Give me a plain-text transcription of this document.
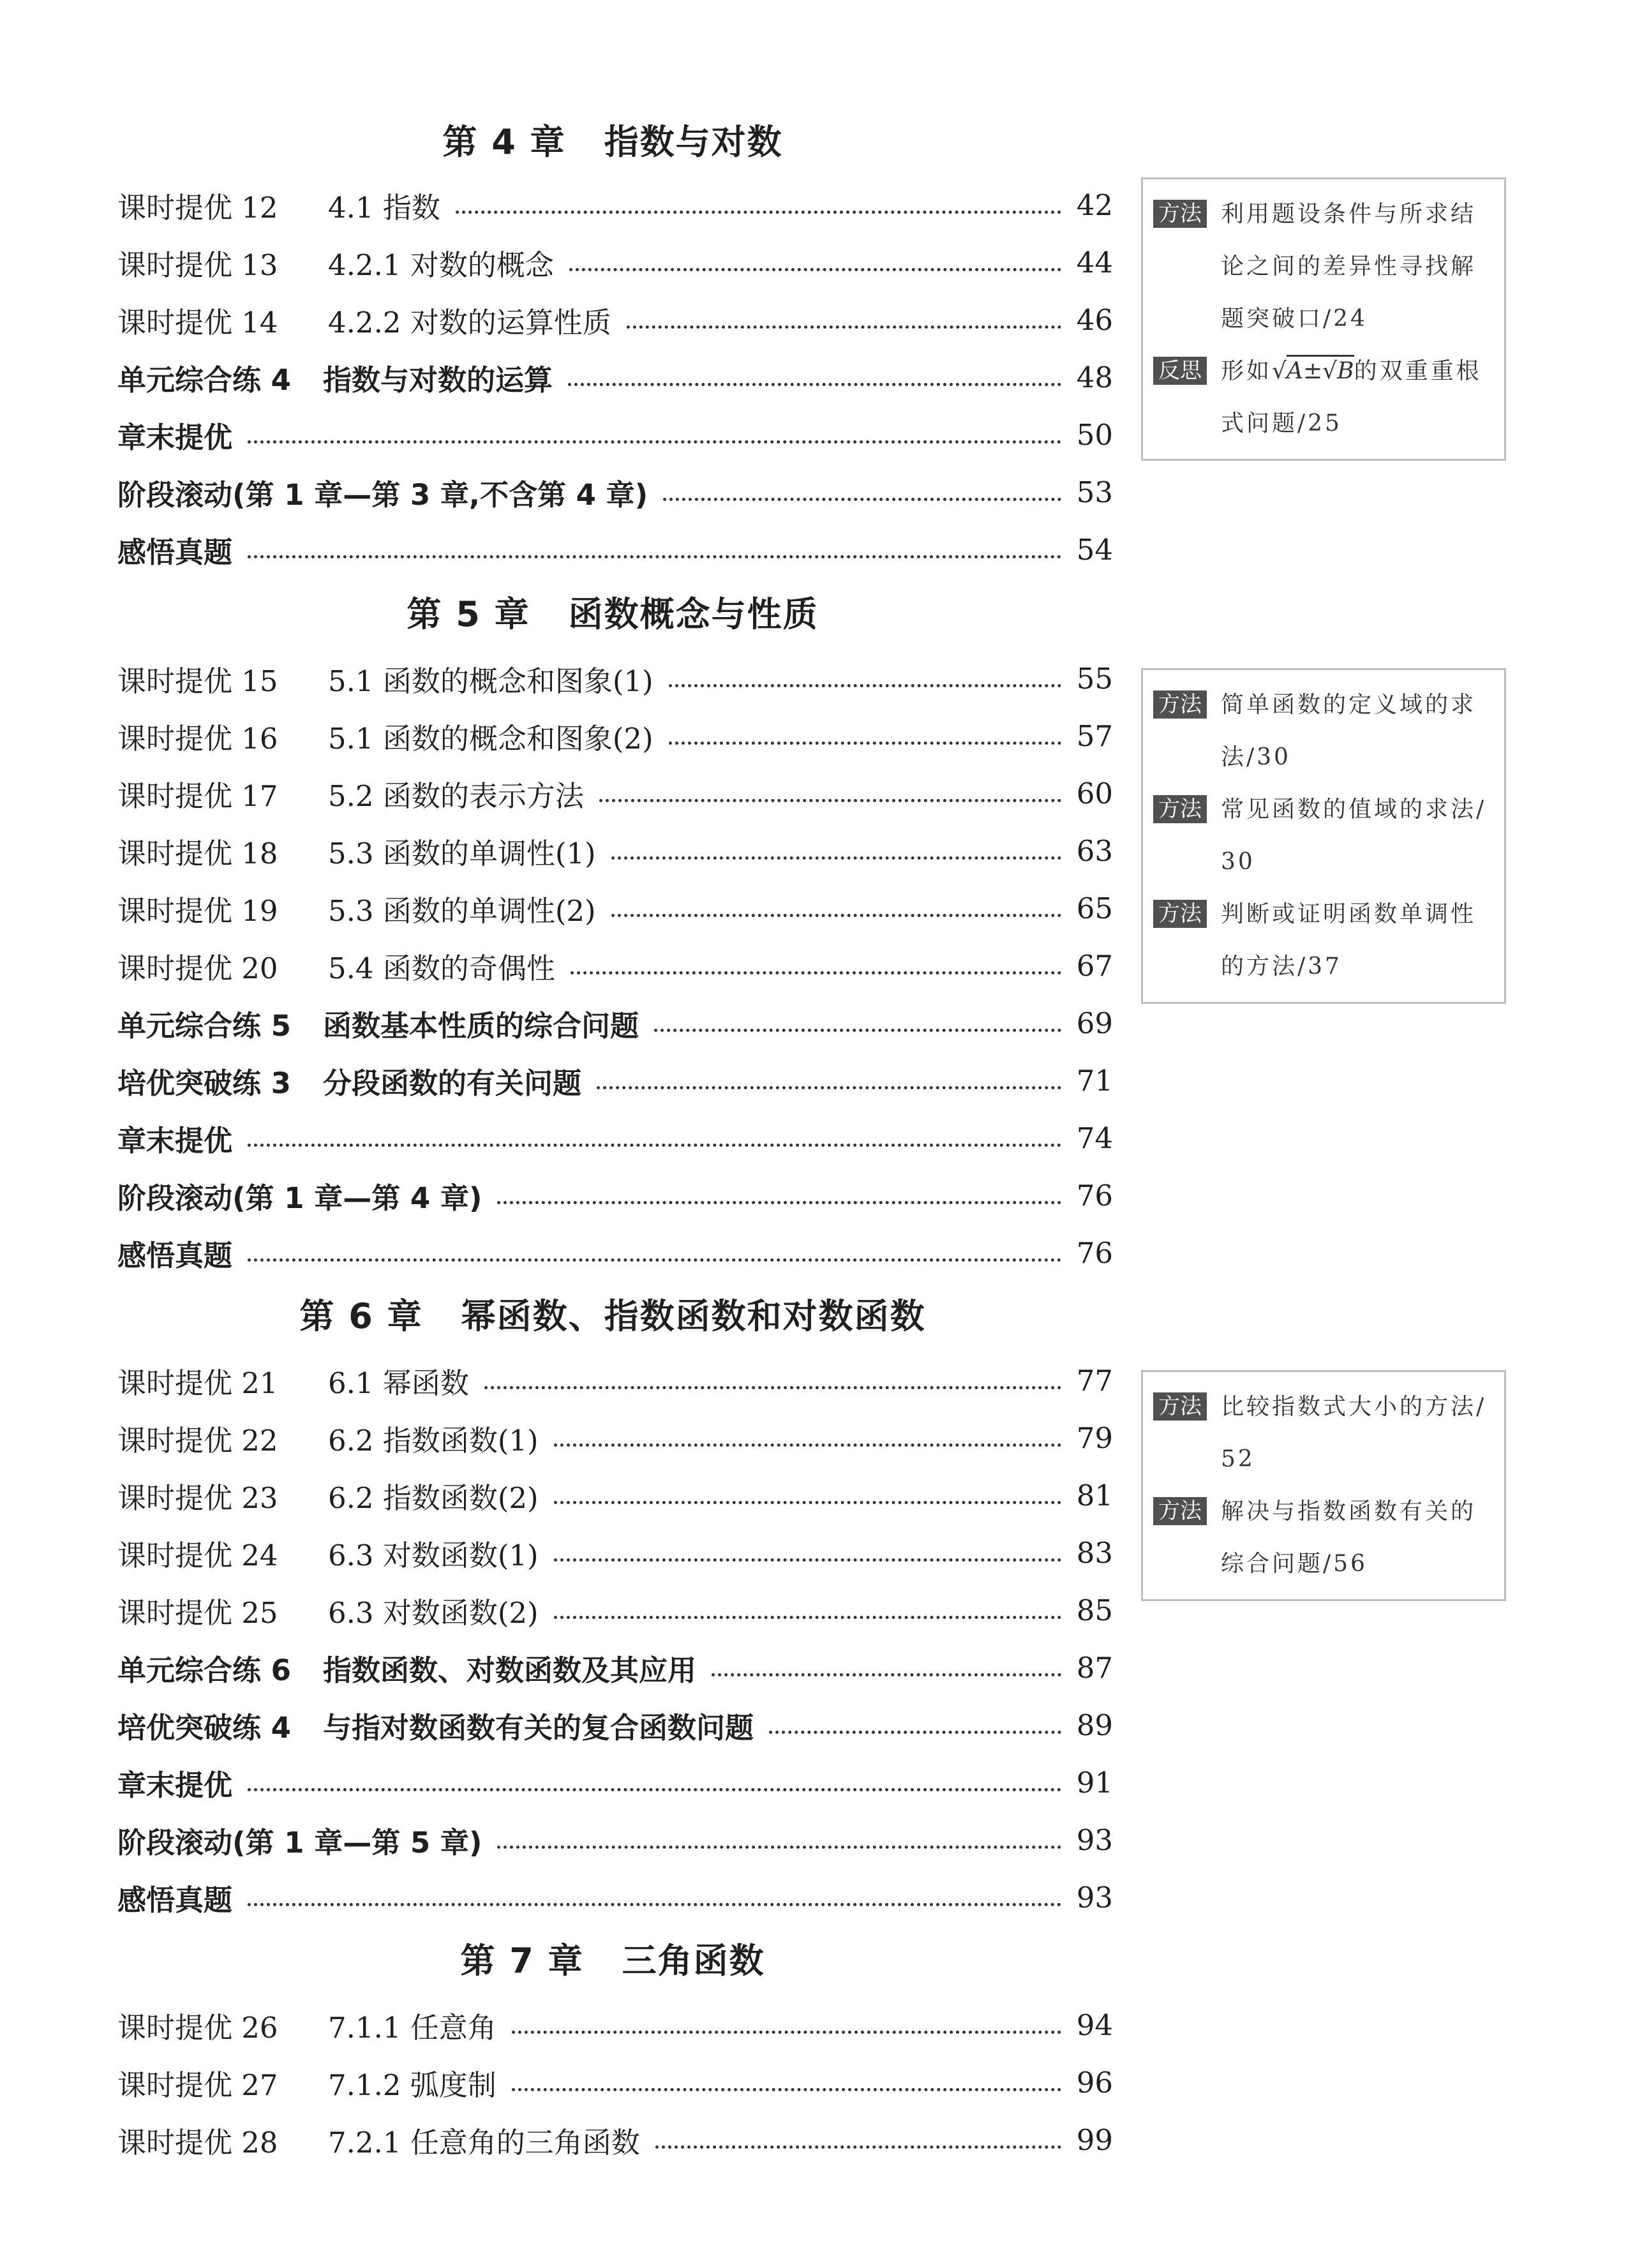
第 4 章 指数与对数
课时提优 12 4.1 指数	42
课时提优 13 4.2.1 对数的概念	44
课时提优 14 4.2.2 对数的运算性质	46
单元综合练 4 指数与对数的运算	48
章末提优	50
阶段滚动(第 1 章—第 3 章,不含第 4 章)	53
感悟真题	54
方法 利用题设条件与所求结论之间的差异性寻找解题突破口/24
反思 形如√A±√B的双重重根式问题/25
第 5 章 函数概念与性质
课时提优 15 5.1 函数的概念和图象(1)	55
课时提优 16 5.1 函数的概念和图象(2)	57
课时提优 17 5.2 函数的表示方法	60
课时提优 18 5.3 函数的单调性(1)	63
课时提优 19 5.3 函数的单调性(2)	65
课时提优 20 5.4 函数的奇偶性	67
单元综合练 5 函数基本性质的综合问题	69
培优突破练 3 分段函数的有关问题	71
章末提优	74
阶段滚动(第 1 章—第 4 章)	76
感悟真题	76
方法 简单函数的定义域的求法/30
方法 常见函数的值域的求法/30
方法 判断或证明函数单调性的方法/37
第 6 章 幂函数、指数函数和对数函数
课时提优 21 6.1 幂函数	77
课时提优 22 6.2 指数函数(1)	79
课时提优 23 6.2 指数函数(2)	81
课时提优 24 6.3 对数函数(1)	83
课时提优 25 6.3 对数函数(2)	85
单元综合练 6 指数函数、对数函数及其应用	87
培优突破练 4 与指对数函数有关的复合函数问题	89
章末提优	91
阶段滚动(第 1 章—第 5 章)	93
感悟真题	93
方法 比较指数式大小的方法/52
方法 解决与指数函数有关的综合问题/56
第 7 章 三角函数
课时提优 26 7.1.1 任意角	94
课时提优 27 7.1.2 弧度制	96
课时提优 28 7.2.1 任意角的三角函数	99
